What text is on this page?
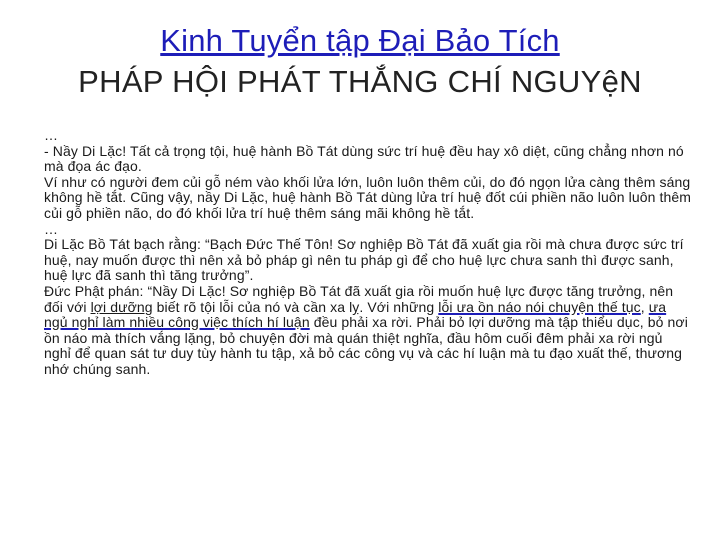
Kinh Tuyển tập Đại Bảo Tích
PHÁP HỘI PHÁT THẮNG CHÍ NGUYệN

…

- Nầy Di Lặc! Tất cả trọng tội, huệ hành Bồ Tát dùng sức trí huệ đều hay xô diệt, cũng chẳng nhơn nó mà đọa ác đạo.

Ví như có người đem củi gỗ ném vào khối lửa lớn, luôn luôn thêm củi, do đó ngọn lửa càng thêm sáng không hề tắt. Cũng vậy, nầy Di Lặc, huệ hành Bồ Tát dùng lửa trí huệ đốt cúi phiền não luôn luôn thêm củi gỗ phiền não, do đó khối lửa trí huệ thêm sáng mãi không hề tắt.

…

Di Lặc Bồ Tát bạch rằng: “Bạch Đức Thế Tôn! Sơ nghiệp Bồ Tát đã xuất gia rồi mà chưa được sức trí huệ, nay muốn được thì nên xả bỏ pháp gì nên tu pháp gì để cho huệ lực chưa sanh thì được sanh, huệ lực đã sanh thì tăng trưởng”.

Đức Phật phán: “Nầy Di Lặc! Sơ nghiệp Bồ Tát đã xuất gia rồi muốn huệ lực được tăng trưởng, nên đối với lợi dưỡng biết rõ tội lỗi của nó và cần xa lỵ. Với những lỗi ưa ồn náo nói chuyện thế tục, ưa ngủ nghỉ làm nhiều công việc thích hí luận đều phải xa rời. Phải bỏ lợi dưỡng mà tập thiểu dục, bỏ nơi ồn náo mà thích vắng lặng, bỏ chuyện đời mà quán thiệt nghĩa, đầu hôm cuối đêm phải xa rời ngủ nghỉ để quan sát tư duy tùy hành tu tập, xả bỏ các công vụ và các hí luận mà tu đạo xuất thế, thương nhớ chúng sanh.
